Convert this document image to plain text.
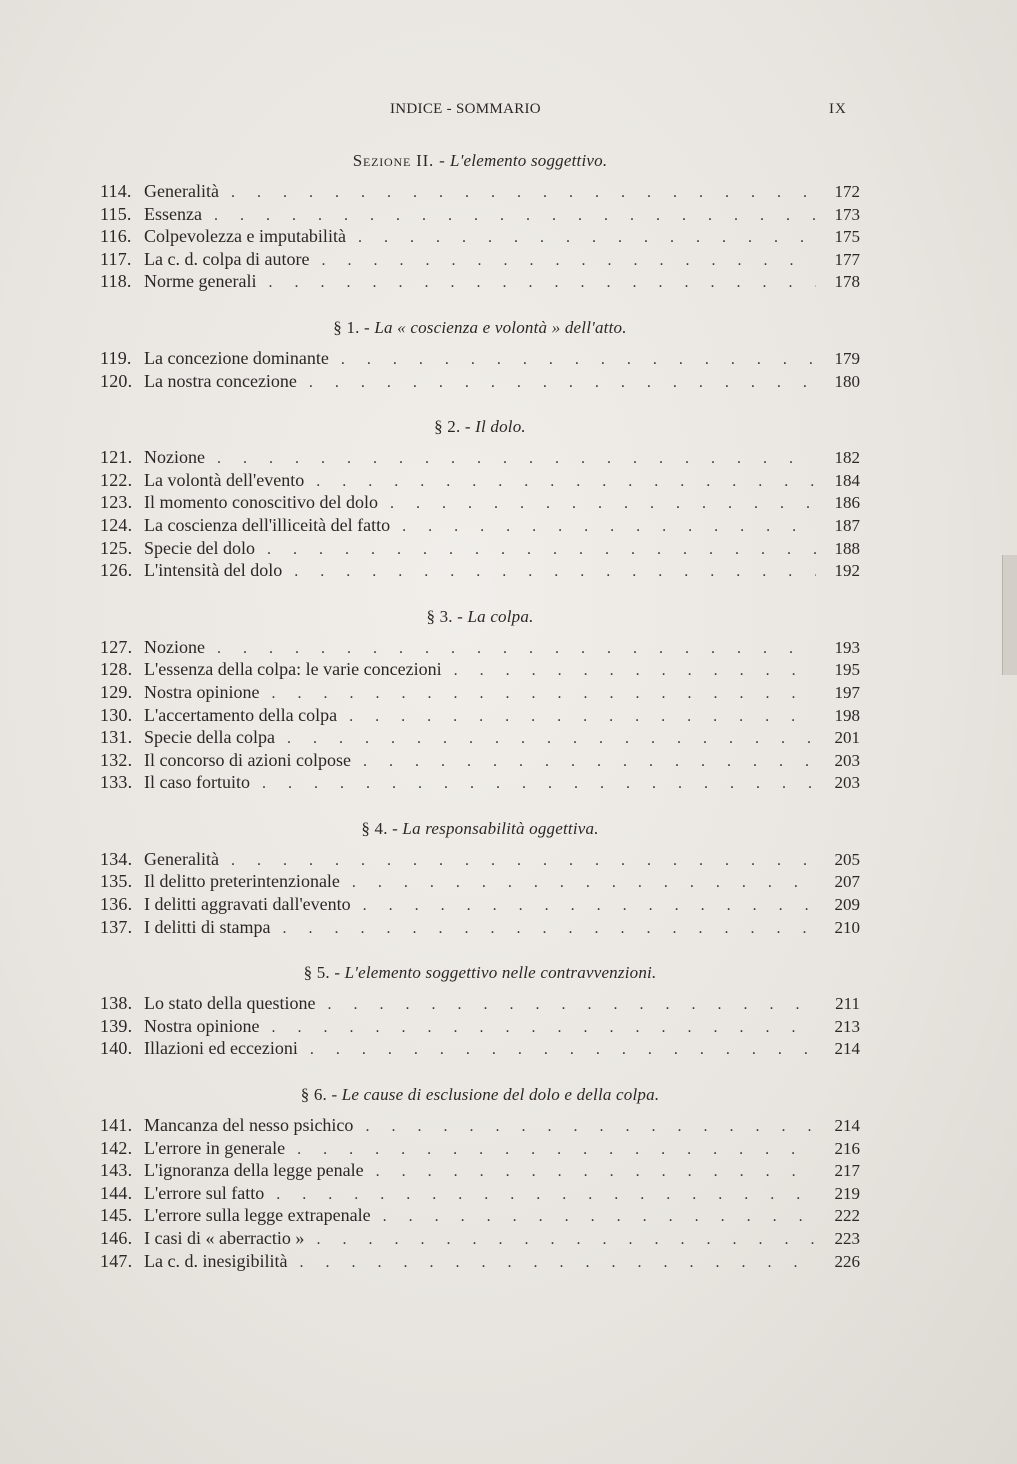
INDICE - SOMMARIO	IX
Sezione II. - L'elemento soggettivo.
114. Generalità . . .	172
115. Essenza . . .	173
116. Colpevolezza e imputabilità . . .	175
117. La c. d. colpa di autore . . .	177
118. Norme generali . . .	178
§ 1. - La « coscienza e volontà » dell'atto.
119. La concezione dominante . . .	179
120. La nostra concezione . . .	180
§ 2. - Il dolo.
121. Nozione . . .	182
122. La volontà dell'evento . . .	184
123. Il momento conoscitivo del dolo . . .	186
124. La coscienza dell'illiceità del fatto . . .	187
125. Specie del dolo . . .	188
126. L'intensità del dolo . . .	192
§ 3. - La colpa.
127. Nozione . . .	193
128. L'essenza della colpa: le varie concezioni . . .	195
129. Nostra opinione . . .	197
130. L'accertamento della colpa . . .	198
131. Specie della colpa . . .	201
132. Il concorso di azioni colpose . . .	203
133. Il caso fortuito . . .	203
§ 4. - La responsabilità oggettiva.
134. Generalità . . .	205
135. Il delitto preterintenzionale . . .	207
136. I delitti aggravati dall'evento . . .	209
137. I delitti di stampa . . .	210
§ 5. - L'elemento soggettivo nelle contravvenzioni.
138. Lo stato della questione . . .	211
139. Nostra opinione . . .	213
140. Illazioni ed eccezioni . . .	214
§ 6. - Le cause di esclusione del dolo e della colpa.
141. Mancanza del nesso psichico . . .	214
142. L'errore in generale . . .	216
143. L'ignoranza della legge penale . . .	217
144. L'errore sul fatto . . .	219
145. L'errore sulla legge extrapenale . . .	222
146. I casi di « aberractio » . . .	223
147. La c. d. inesigibilità . . .	226
